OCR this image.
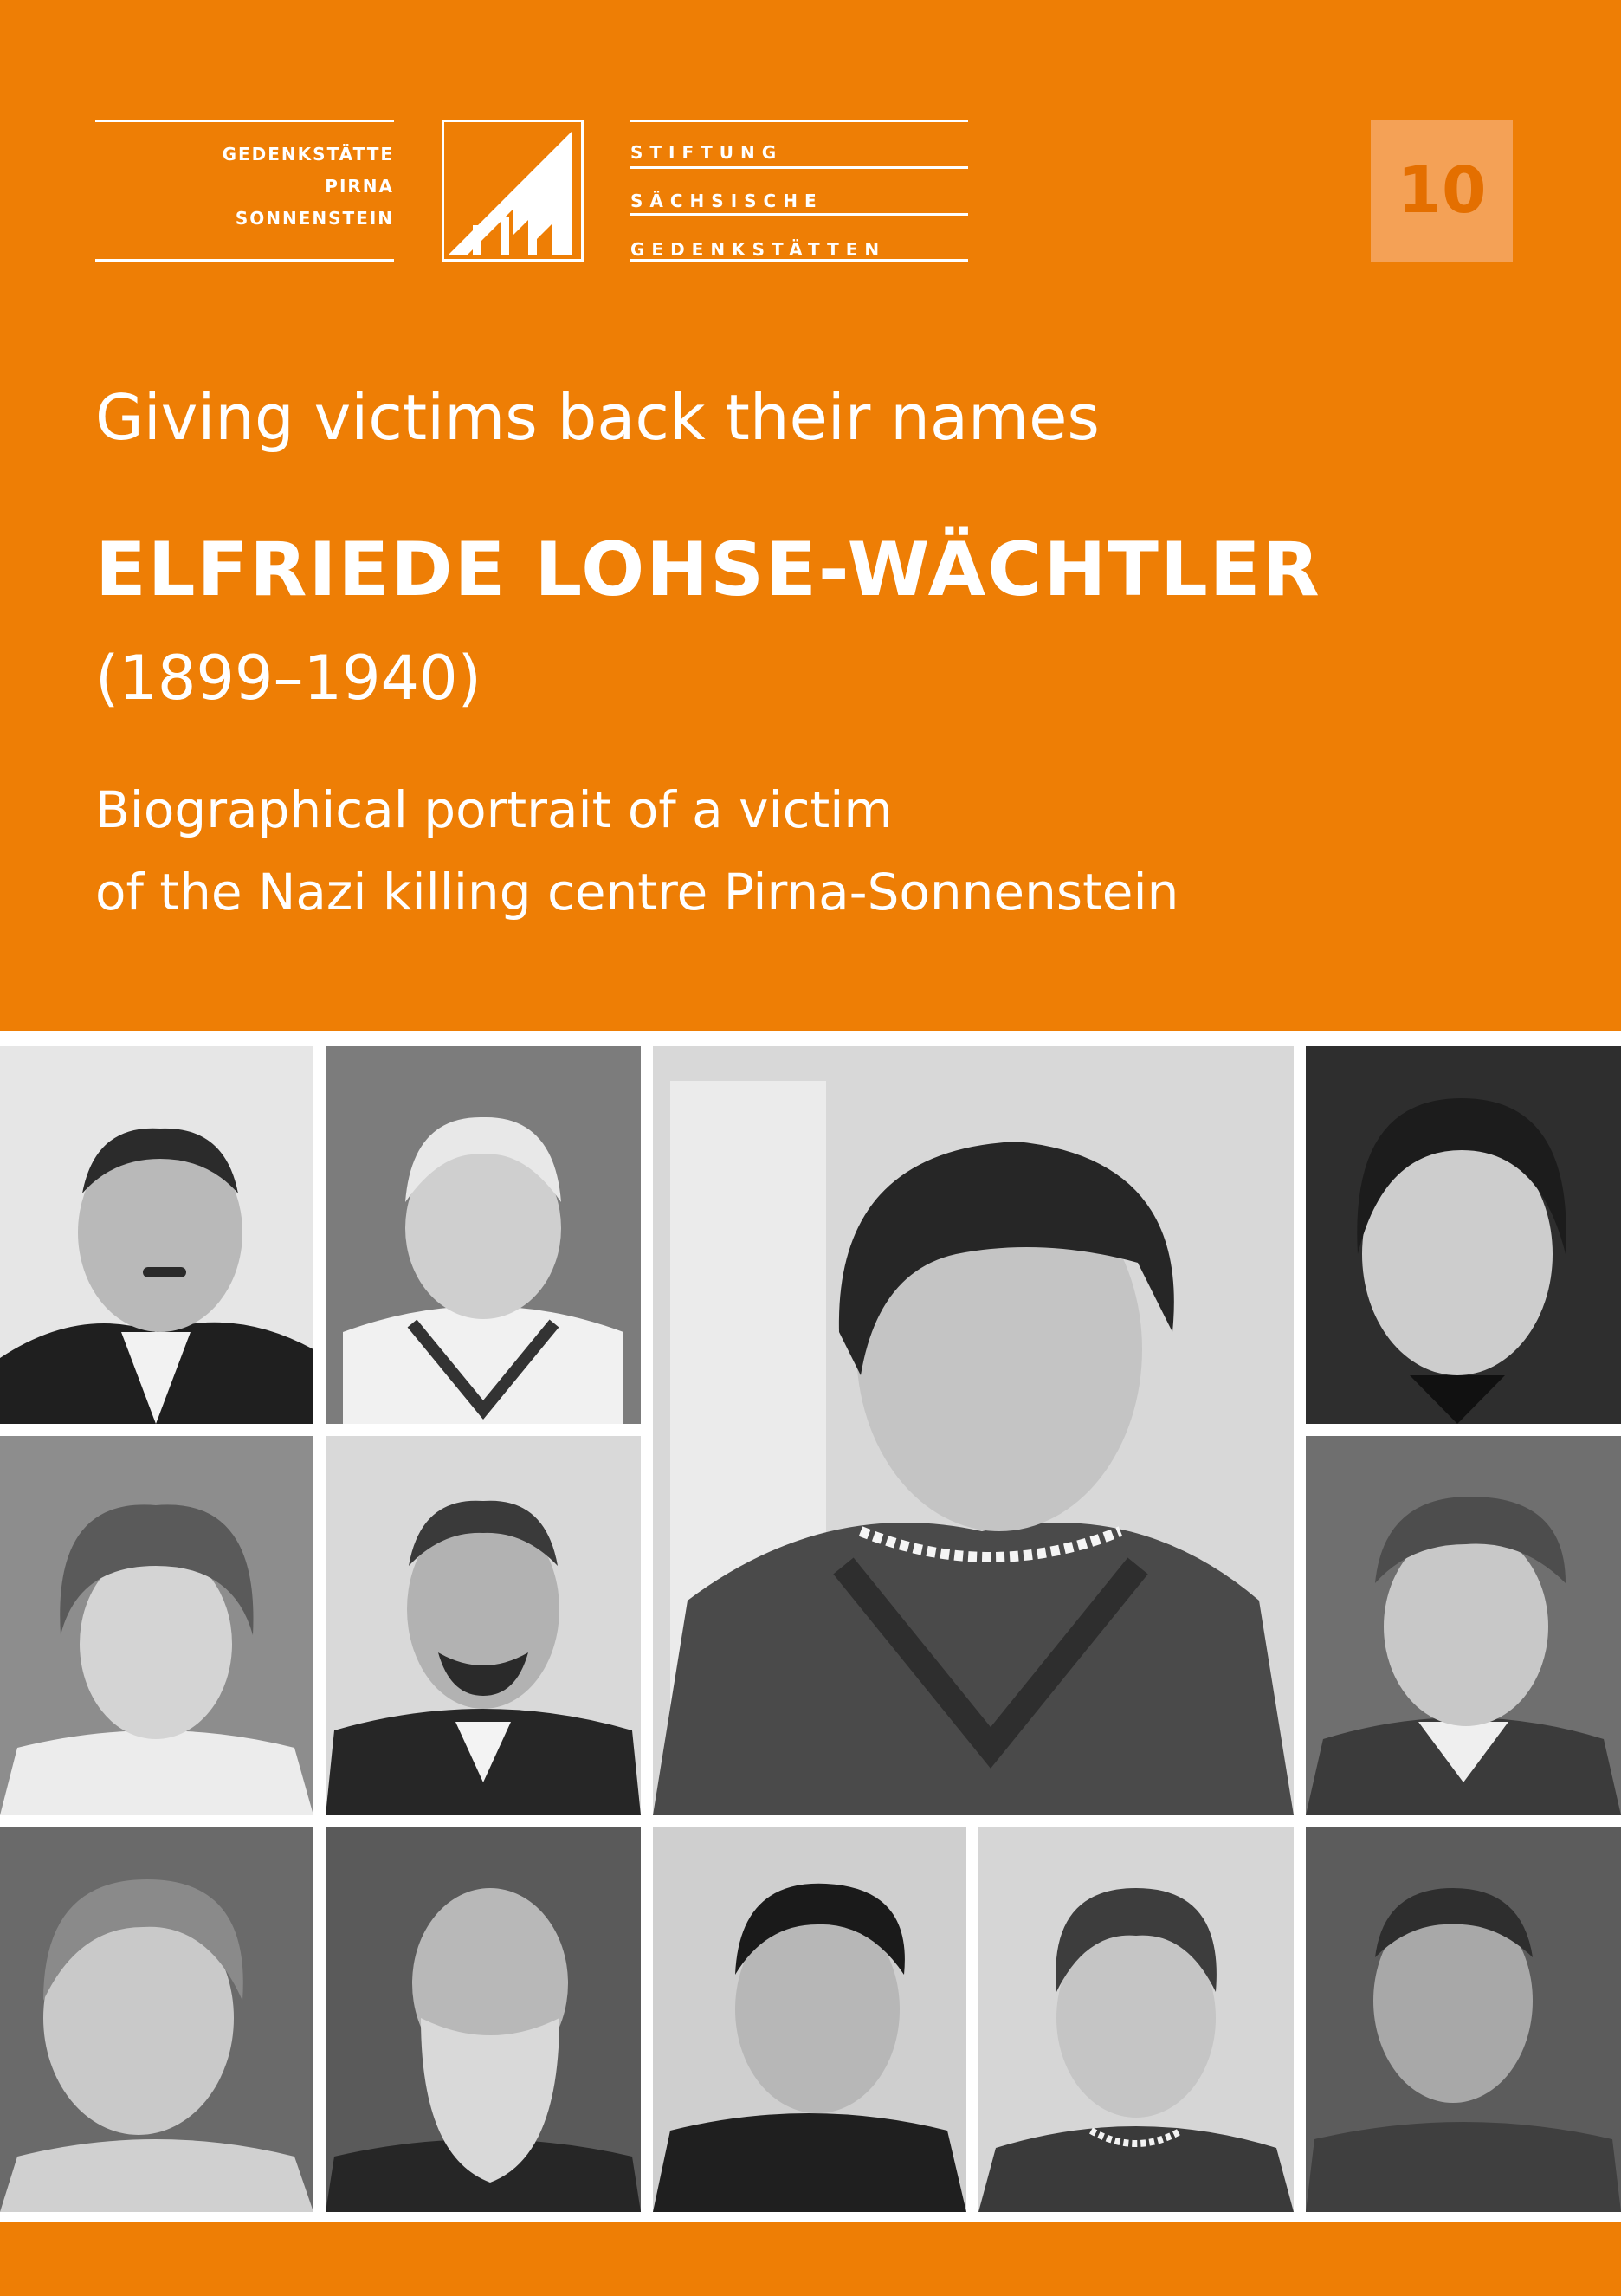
GEDENKSTÄTTE
PIRNA
SONNENSTEIN
STIFTUNG
SÄCHSISCHE
GEDENKSTÄTTEN
10
Giving victims back their names
ELFRIEDE LOHSE-WÄCHTLER
(1899–1940)
Biographical portrait of a victim
of the Nazi killing centre Pirna-Sonnenstein
